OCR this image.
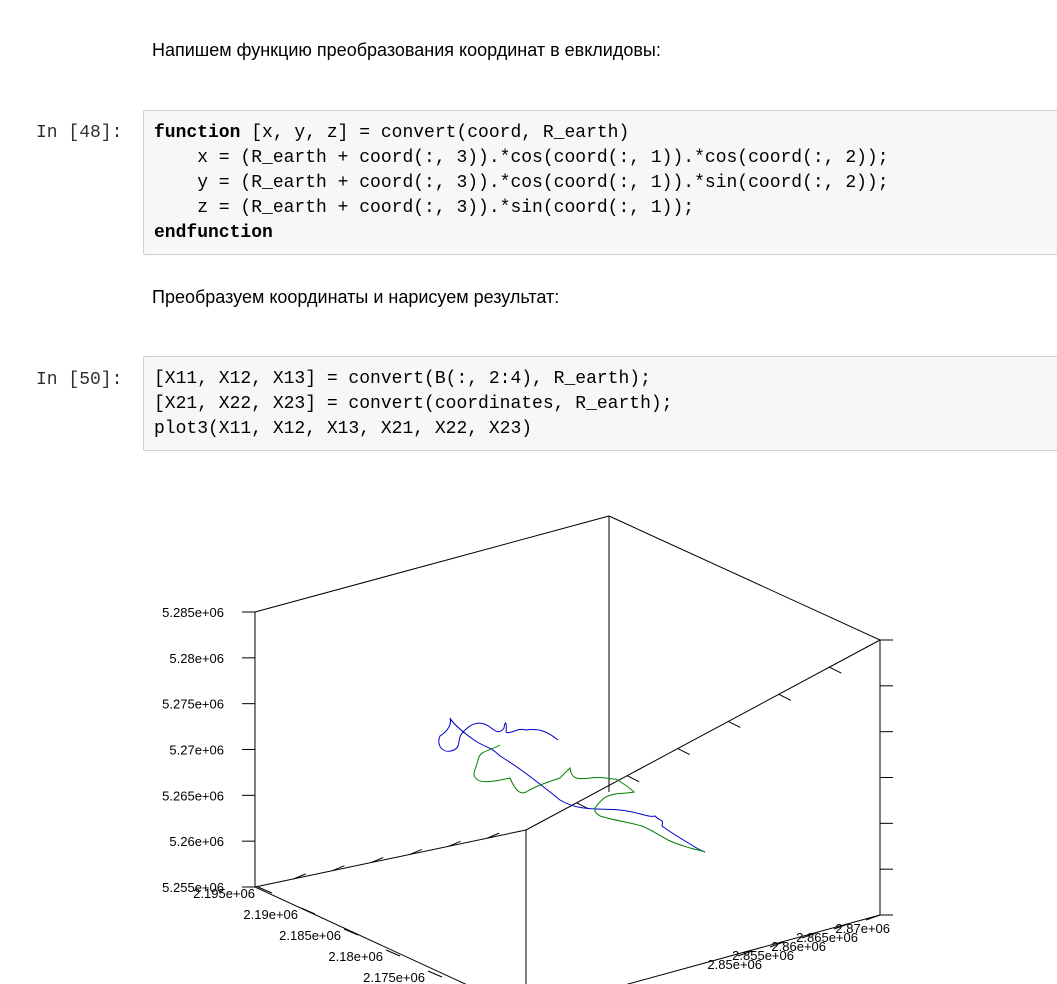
Напишем функцию преобразования координат в евклидовы:
In [48]: function [x, y, z] = convert(coord, R_earth)
x = (R_earth + coord(:, 3)).*cos(coord(:, 1)).*cos(coord(:, 2));
y = (R_earth + coord(:, 3)).*cos(coord(:, 1)).*sin(coord(:, 2));
z = (R_earth + coord(:, 3)).*sin(coord(:, 1));
endfunction
Преобразуем координаты и нарисуем результат:
In [50]: [X11, X12, X13] = convert(B(:, 2:4), R_earth);
[X21, X22, X23] = convert(coordinates, R_earth);
plot3(X11, X12, X13, X21, X22, X23)
5.285e+06
5.28e+06
5.275e+06
5.27e+06
5.265e+06
5.26e+06
5.255e+06
2.195e+06
2.19e+06
2.185e+06
2.18e+06
2.175e+06
2.87e+06
2.865e+06
2.86e+06
2.855e+06
2.85e+06
